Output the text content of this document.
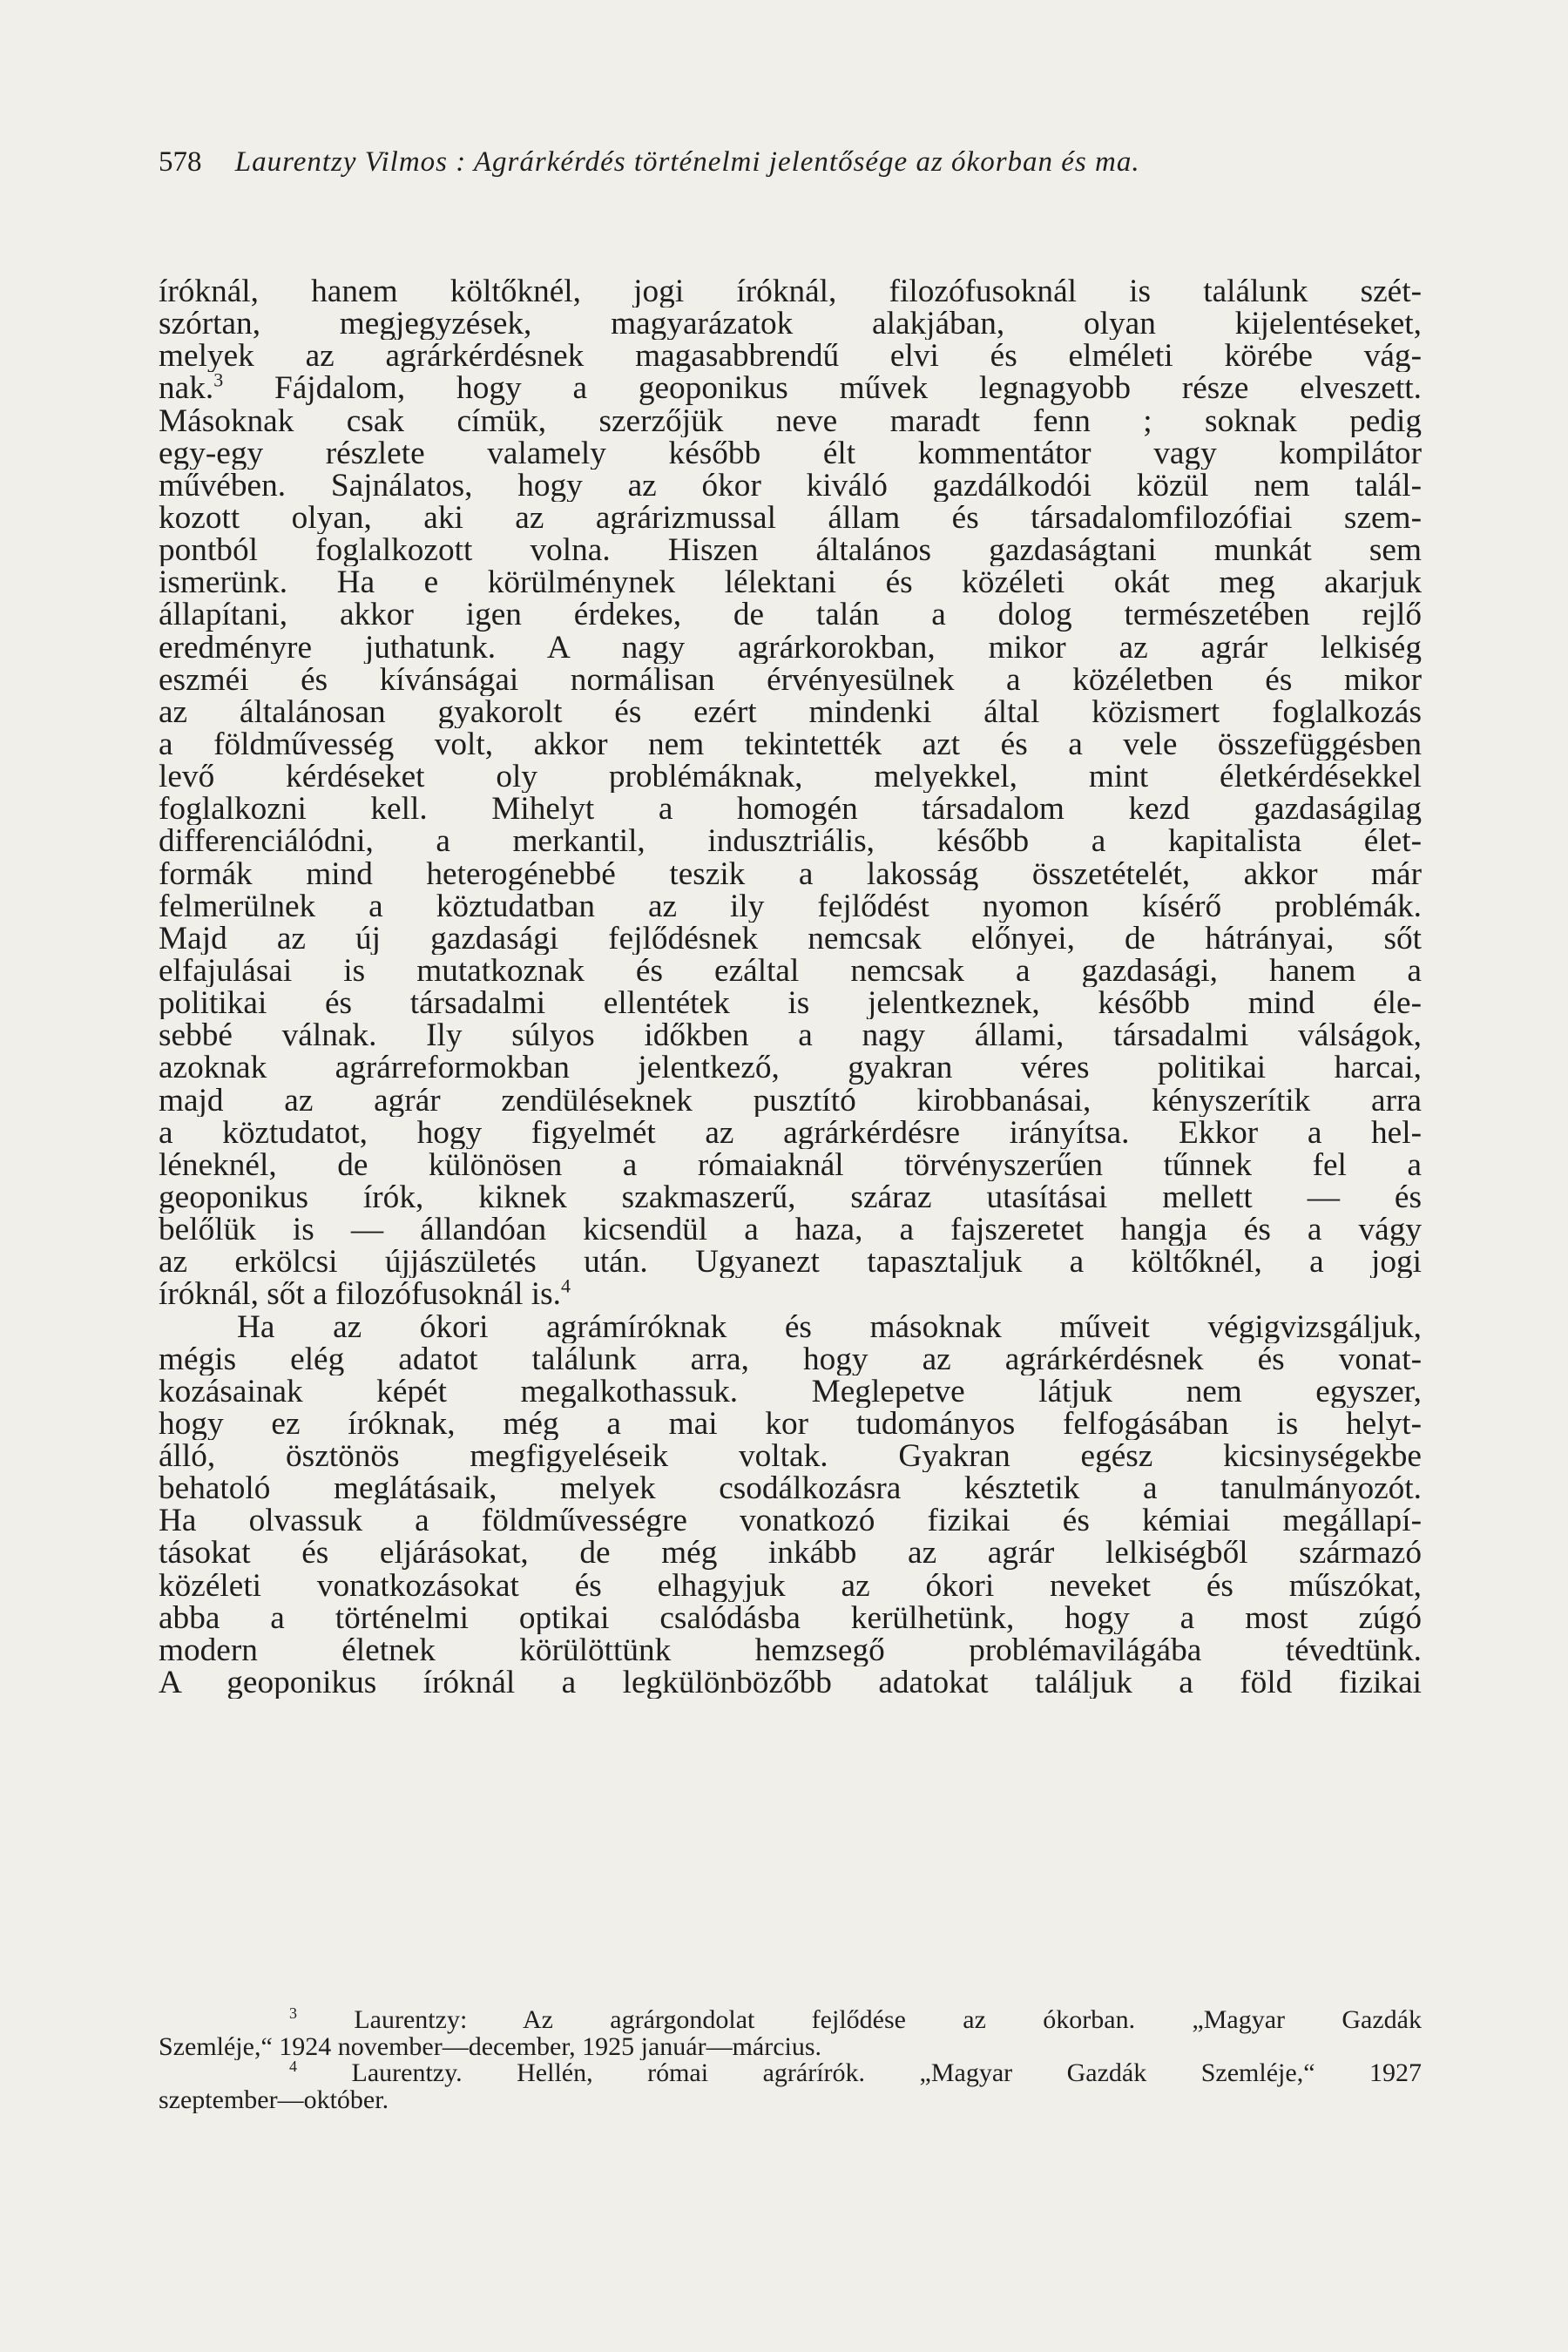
578 Laurentzy Vilmos : Agrárkérdés történelmi jelentősége az ókorban és ma.
íróknál, hanem költőknél, jogi íróknál, filozófusoknál is találunk szét-
szórtan, megjegyzések, magyarázatok alakjában, olyan kijelentéseket,
melyek az agrárkérdésnek magasabbrendű elvi és elméleti körébe vág-
nak.$^3$ Fájdalom, hogy a geoponikus művek legnagyobb része elveszett.
Másoknak csak címük, szerzőjük neve maradt fenn ; soknak pedig
egy-egy részlete valamely később élt kommentátor vagy kompilátor
művében. Sajnálatos, hogy az ókor kiváló gazdálkodói közül nem talál-
kozott olyan, aki az agrárizmussal állam és társadalomfilozófiai szem-
pontból foglalkozott volna. Hiszen általános gazdaságtani munkát sem
ismerünk. Ha e körülménynek lélektani és közéleti okát meg akarjuk
állapítani, akkor igen érdekes, de talán a dolog természetében rejlő
eredményre juthatunk. A nagy agrárkorokban, mikor az agrár lelkiség
eszméi és kívánságai normálisan érvényesülnek a közéletben és mikor
az általánosan gyakorolt és ezért mindenki által közismert foglalkozás
a földművesség volt, akkor nem tekintették azt és a vele összefüggésben
levő kérdéseket oly problémáknak, melyekkel, mint életkérdésekkel
foglalkozni kell. Mihelyt a homogén társadalom kezd gazdaságilag
differenciálódni, a merkantil, indusztriális, később a kapitalista élet-
formák mind heterogénebbé teszik a lakosság összetételét, akkor már
felmerülnek a köztudatban az ily fejlődést nyomon kísérő problémák.
Majd az új gazdasági fejlődésnek nemcsak előnyei, de hátrányai, sőt
elfajulásai is mutatkoznak és ezáltal nemcsak a gazdasági, hanem a
politikai és társadalmi ellentétek is jelentkeznek, később mind éle-
sebbé válnak. Ily súlyos időkben a nagy állami, társadalmi válságok,
azoknak agrárreformokban jelentkező, gyakran véres politikai harcai,
majd az agrár zendüléseknek pusztító kirobbanásai, kényszerítik arra
a köztudatot, hogy figyelmét az agrárkérdésre irányítsa. Ekkor a hel-
léneknél, de különösen a rómaiaknál törvényszerűen tűnnek fel a
geoponikus írók, kiknek szakmaszerű, száraz utasításai mellett — és
belőlük is — állandóan kicsendül a haza, a fajszeretet hangja és a vágy
az erkölcsi újjászületés után. Ugyanezt tapasztaljuk a költőknél, a jogi
íróknál, sőt a filozófusoknál is.$^4$
Ha az ókori agrámíróknak és másoknak műveit végigvizsgáljuk,
mégis elég adatot találunk arra, hogy az agrárkérdésnek és vonat-
kozásainak képét megalkothassuk. Meglepetve látjuk nem egyszer,
hogy ez íróknak, még a mai kor tudományos felfogásában is helyt-
álló, ösztönös megfigyeléseik voltak. Gyakran egész kicsinységekbe
behatoló meglátásaik, melyek csodálkozásra késztetik a tanulmányozót.
Ha olvassuk a földművességre vonatkozó fizikai és kémiai megállapí-
tásokat és eljárásokat, de még inkább az agrár lelkiségből származó
közéleti vonatkozásokat és elhagyjuk az ókori neveket és műszókat,
abba a történelmi optikai csalódásba kerülhetünk, hogy a most zúgó
modern életnek körülöttünk hemzsegő problémavilágába tévedtünk.
A geoponikus íróknál a legkülönbözőbb adatokat találjuk a föld fizikai
$^3$ Laurentzy: Az agrárgondolat fejlődése az ókorban. „Magyar Gazdák
Szemléje,“ 1924 november—december, 1925 január—március.
$^4$ Laurentzy. Hellén, római agrárírók. „Magyar Gazdák Szemléje,“ 1927
szeptember—október.
